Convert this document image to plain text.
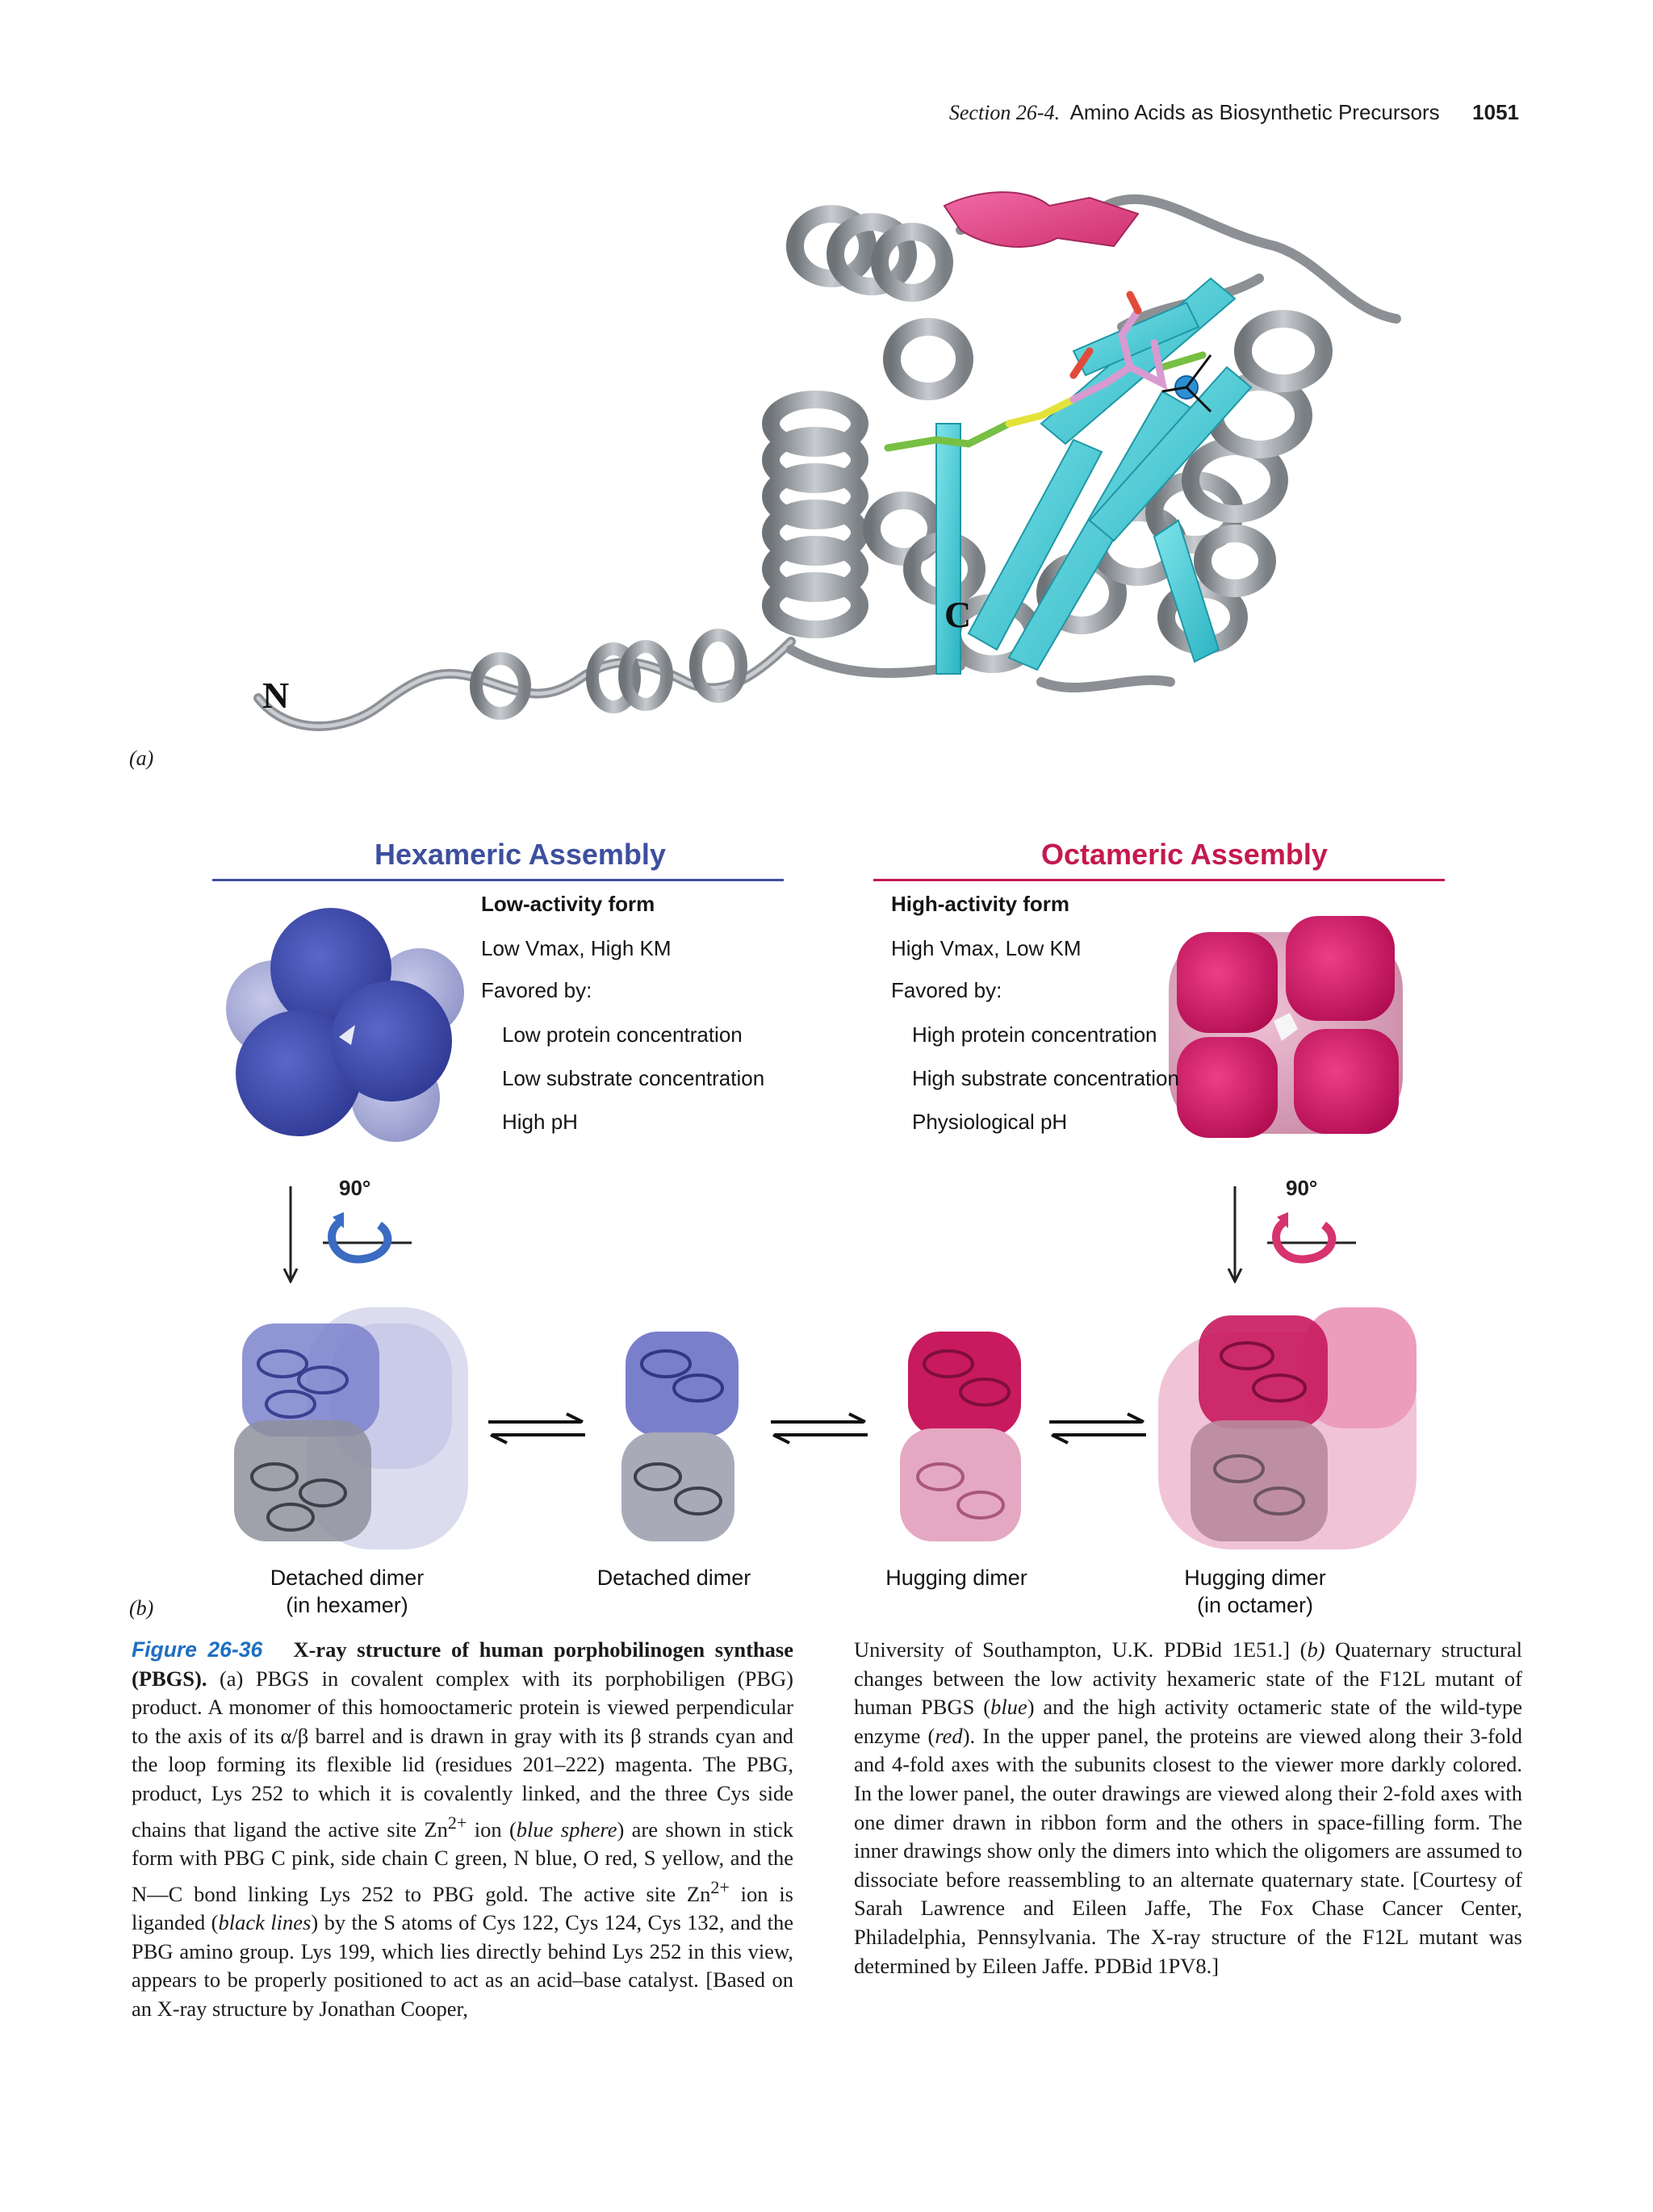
Section 26-4. Amino Acids as Biosynthetic Precursors 1051
N
C
(a)
Hexameric Assembly	Octameric Assembly
Low-activity form
Low Vmax, High KM
Favored by:
Low protein concentration
Low substrate concentration
High pH
High-activity form
High Vmax, Low KM
Favored by:
High protein concentration
High substrate concentration
Physiological pH
90°	90°
Detached dimer
(in hexamer)
Detached dimer	Hugging dimer	Hugging dimer
(in octamer)
(b)

Figure 26-36 X-ray structure of human porphobilinogen synthase (PBGS). (a) PBGS in covalent complex with its porphobiligen (PBG) product. A monomer of this homooctameric protein is viewed perpendicular to the axis of its α/β barrel and is drawn in gray with its β strands cyan and the loop forming its flexible lid (residues 201–222) magenta. The PBG, product, Lys 252 to which it is covalently linked, and the three Cys side chains that ligand the active site $Zn^{2+}$ ion (blue sphere) are shown in stick form with PBG C pink, side chain C green, N blue, O red, S yellow, and the N—C bond linking Lys 252 to PBG gold. The active site $Zn^{2+}$ ion is liganded (black lines) by the S atoms of Cys 122, Cys 124, Cys 132, and the PBG amino group. Lys 199, which lies directly behind Lys 252 in this view, appears to be properly positioned to act as an acid–base catalyst. [Based on an X-ray structure by Jonathan Cooper,

University of Southampton, U.K. PDBid 1E51.] (b) Quaternary structural changes between the low activity hexameric state of the F12L mutant of human PBGS (blue) and the high activity octameric state of the wild-type enzyme (red). In the upper panel, the proteins are viewed along their 3-fold and 4-fold axes with the subunits closest to the viewer more darkly colored. In the lower panel, the outer drawings are viewed along their 2-fold axes with one dimer drawn in ribbon form and the others in space-filling form. The inner drawings show only the dimers into which the oligomers are assumed to dissociate before reassembling to an alternate quaternary state. [Courtesy of Sarah Lawrence and Eileen Jaffe, The Fox Chase Cancer Center, Philadelphia, Pennsylvania. The X-ray structure of the F12L mutant was determined by Eileen Jaffe. PDBid 1PV8.]
